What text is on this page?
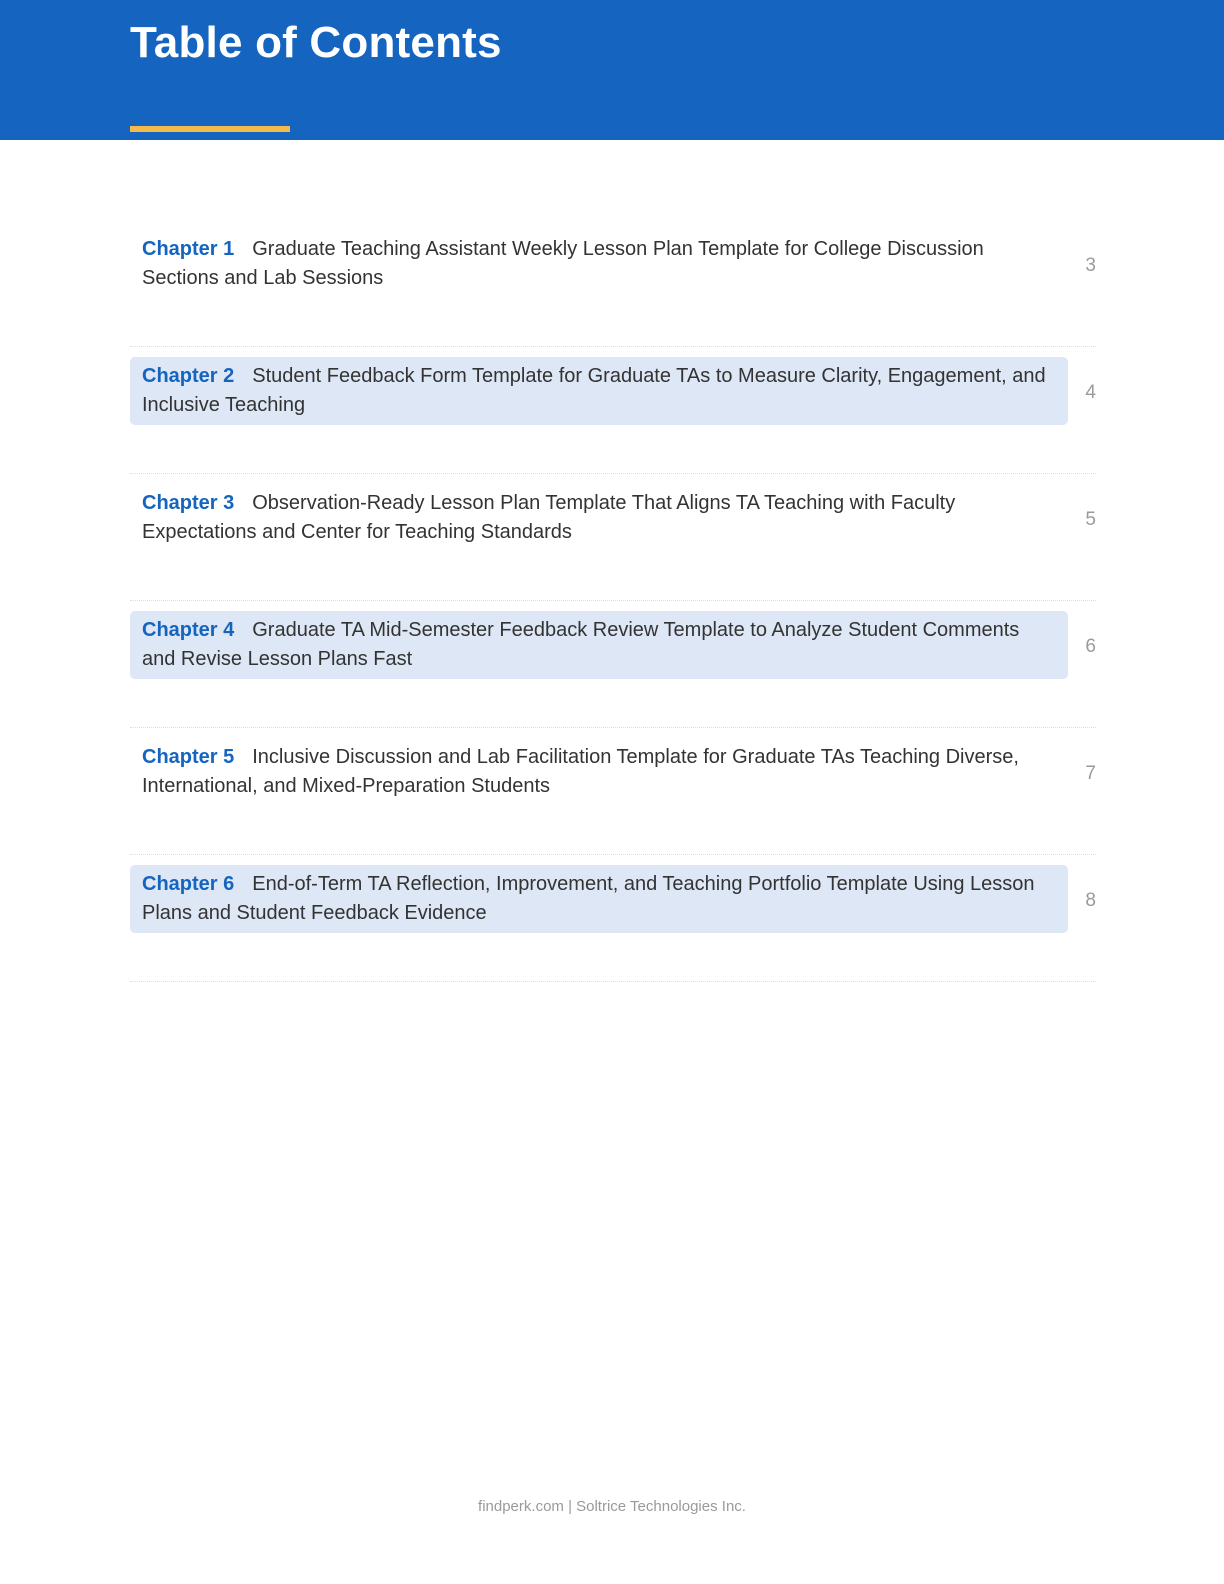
Table of Contents
Chapter 1 Graduate Teaching Assistant Weekly Lesson Plan Template for College Discussion Sections and Lab Sessions
3
Chapter 2 Student Feedback Form Template for Graduate TAs to Measure Clarity, Engagement, and Inclusive Teaching
4
Chapter 3 Observation-Ready Lesson Plan Template That Aligns TA Teaching with Faculty Expectations and Center for Teaching Standards
5
Chapter 4 Graduate TA Mid-Semester Feedback Review Template to Analyze Student Comments and Revise Lesson Plans Fast
6
Chapter 5 Inclusive Discussion and Lab Facilitation Template for Graduate TAs Teaching Diverse, International, and Mixed-Preparation Students
7
Chapter 6 End-of-Term TA Reflection, Improvement, and Teaching Portfolio Template Using Lesson Plans and Student Feedback Evidence
8
findperk.com | Soltrice Technologies Inc.
